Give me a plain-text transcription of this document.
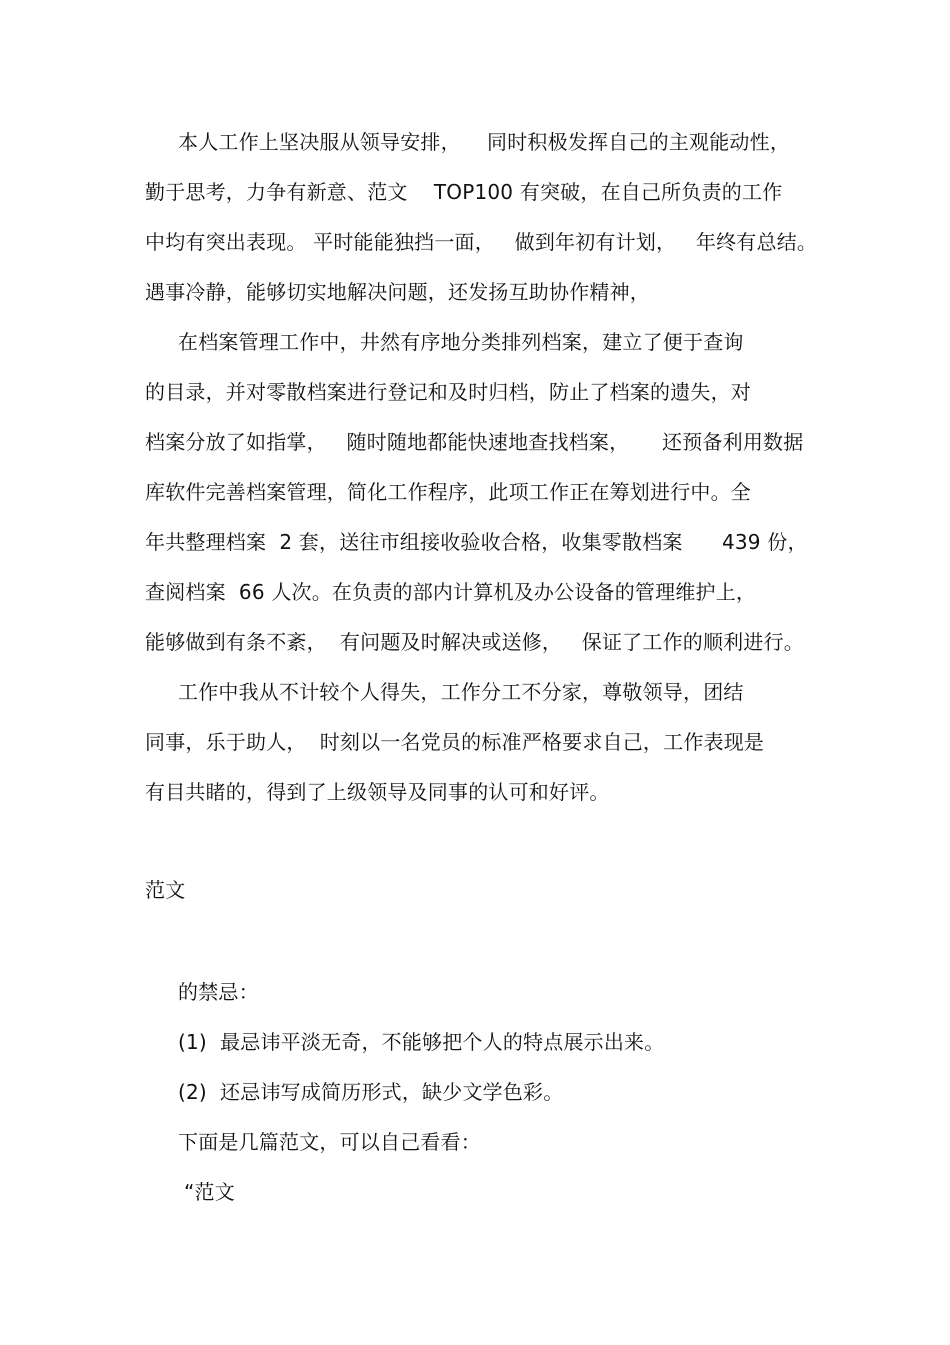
本人工作上坚决服从领导安排，    同时积极发挥自己的主观能动性，
勤于思考，力争有新意、范文    TOP100 有突破，在自己所负责的工作
中均有突出表现。 平时能能独挡一面，   做到年初有计划，   年终有总结。
遇事冷静，能够切实地解决问题，还发扬互助协作精神，
在档案管理工作中，井然有序地分类排列档案，建立了便于查询
的目录，并对零散档案进行登记和及时归档，防止了档案的遗失，对
档案分放了如指掌，   随时随地都能快速地查找档案，     还预备利用数据
库软件完善档案管理，简化工作程序，此项工作正在筹划进行中。全
年共整理档案  2 套，送往市组接收验收合格，收集零散档案      439 份，
查阅档案  66 人次。在负责的部内计算机及办公设备的管理维护上，
能够做到有条不紊，  有问题及时解决或送修，   保证了工作的顺利进行。
工作中我从不计较个人得失，工作分工不分家，尊敬领导，团结
同事，乐于助人，  时刻以一名党员的标准严格要求自己，工作表现是
有目共睹的，得到了上级领导及同事的认可和好评。
范文
的禁忌：
(1)  最忌讳平淡无奇，不能够把个人的特点展示出来。
(2)  还忌讳写成简历形式，缺少文学色彩。
下面是几篇范文，可以自己看看：
“范文
